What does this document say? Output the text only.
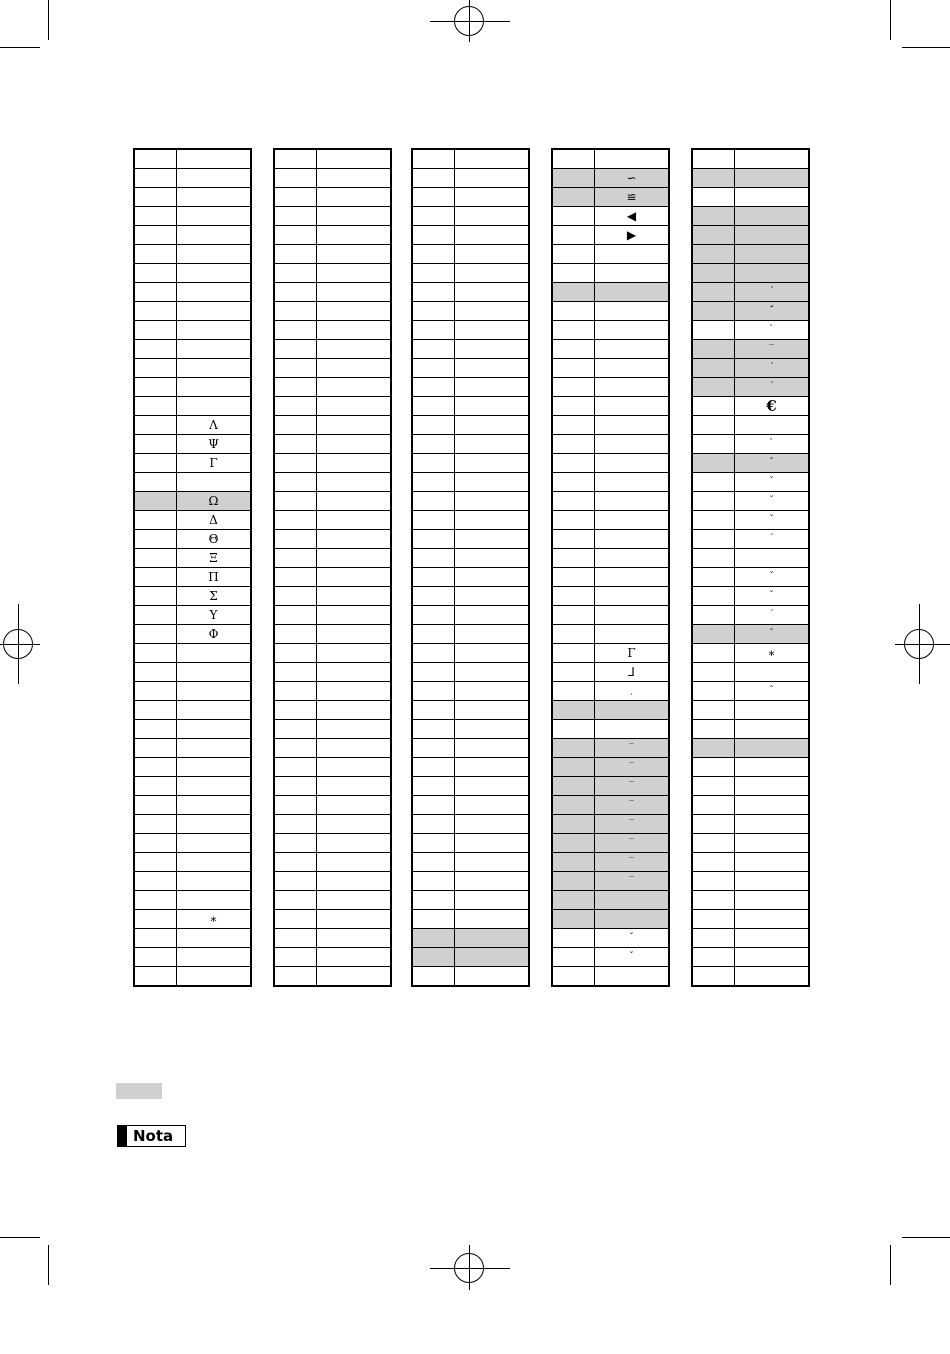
Λ
Ψ
Γ
Ω
Δ
Θ
Ξ
Π
Σ
Υ
Φ
∗
∽
≌
◀
▶
Γ
⅃
ˎ
‾
‾
‾
‾
‾
‾
‾
‾
ˇ
ˇ
ˊ
ˊ̆
ˋ
‾
ˊ
ˊ
€
ˋ
ˇ
ˇ
ˇ
ˇ
ˊ
ˇ
ˇ
ˊ
ˇ
∗
ˆ
Nota
